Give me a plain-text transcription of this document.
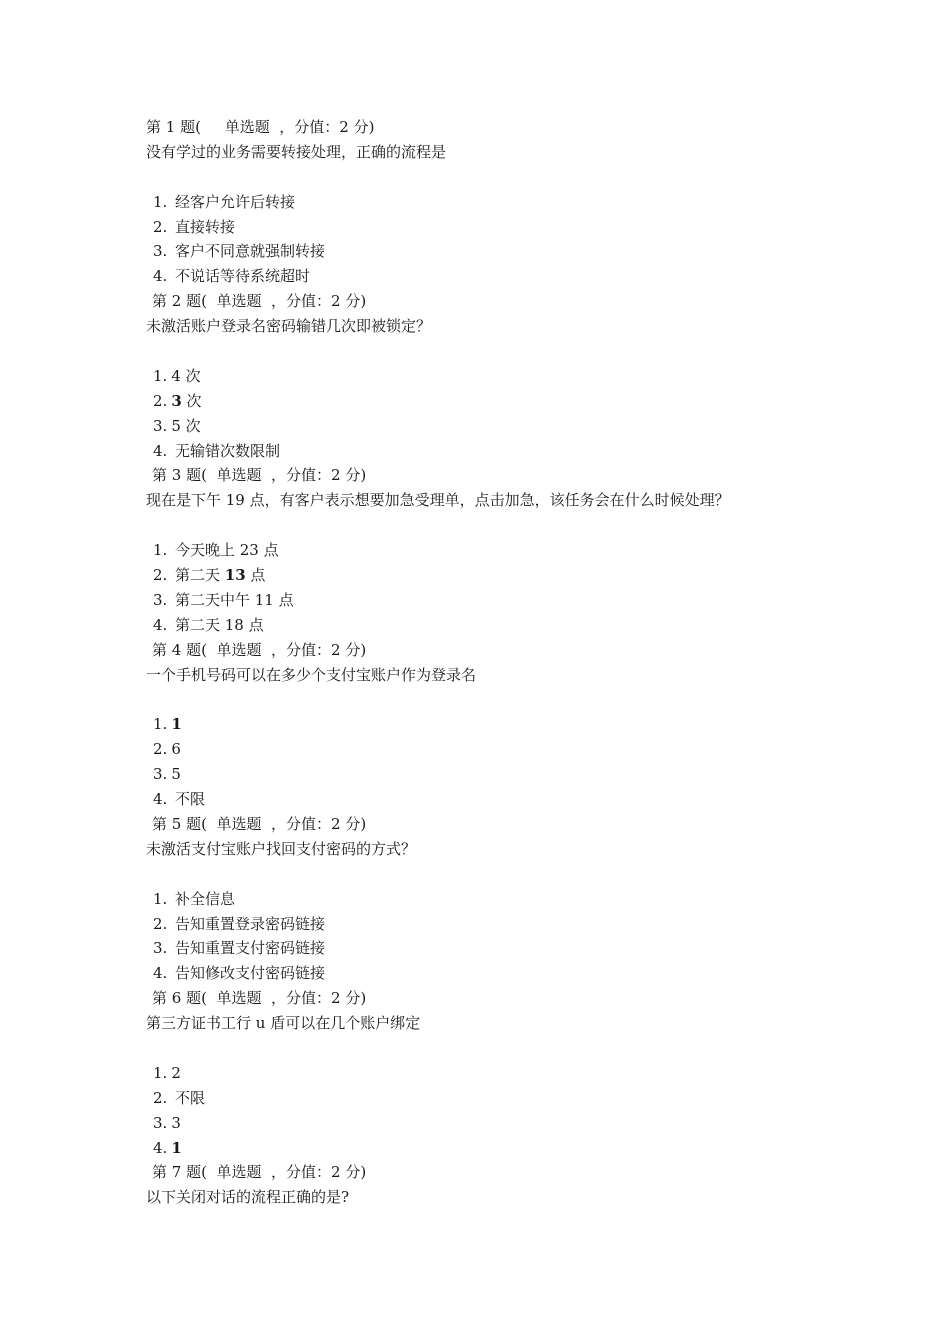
第 1 题(     单选题  ，分值：2 分)
没有学过的业务需要转接处理，正确的流程是
1. 经客户允许后转接
2. 直接转接
3. 客户不同意就强制转接
4. 不说话等待系统超时
第 2 题(  单选题  ，分值：2 分)
未激活账户登录名密码输错几次即被锁定？
1. 4 次
2. 3 次
3. 5 次
4. 无输错次数限制
第 3 题(  单选题  ，分值：2 分)
现在是下午 19 点，有客户表示想要加急受理单，点击加急，该任务会在什么时候处理？
1. 今天晚上 23 点
2. 第二天 13 点
3. 第二天中午 11 点
4. 第二天 18 点
第 4 题(  单选题  ，分值：2 分)
一个手机号码可以在多少个支付宝账户作为登录名
1. 1
2. 6
3. 5
4. 不限
第 5 题(  单选题  ，分值：2 分)
未激活支付宝账户找回支付密码的方式？
1. 补全信息
2. 告知重置登录密码链接
3. 告知重置支付密码链接
4. 告知修改支付密码链接
第 6 题(  单选题  ，分值：2 分)
第三方证书工行 u 盾可以在几个账户绑定
1. 2
2. 不限
3. 3
4. 1
第 7 题(  单选题  ，分值：2 分)
以下关闭对话的流程正确的是?
